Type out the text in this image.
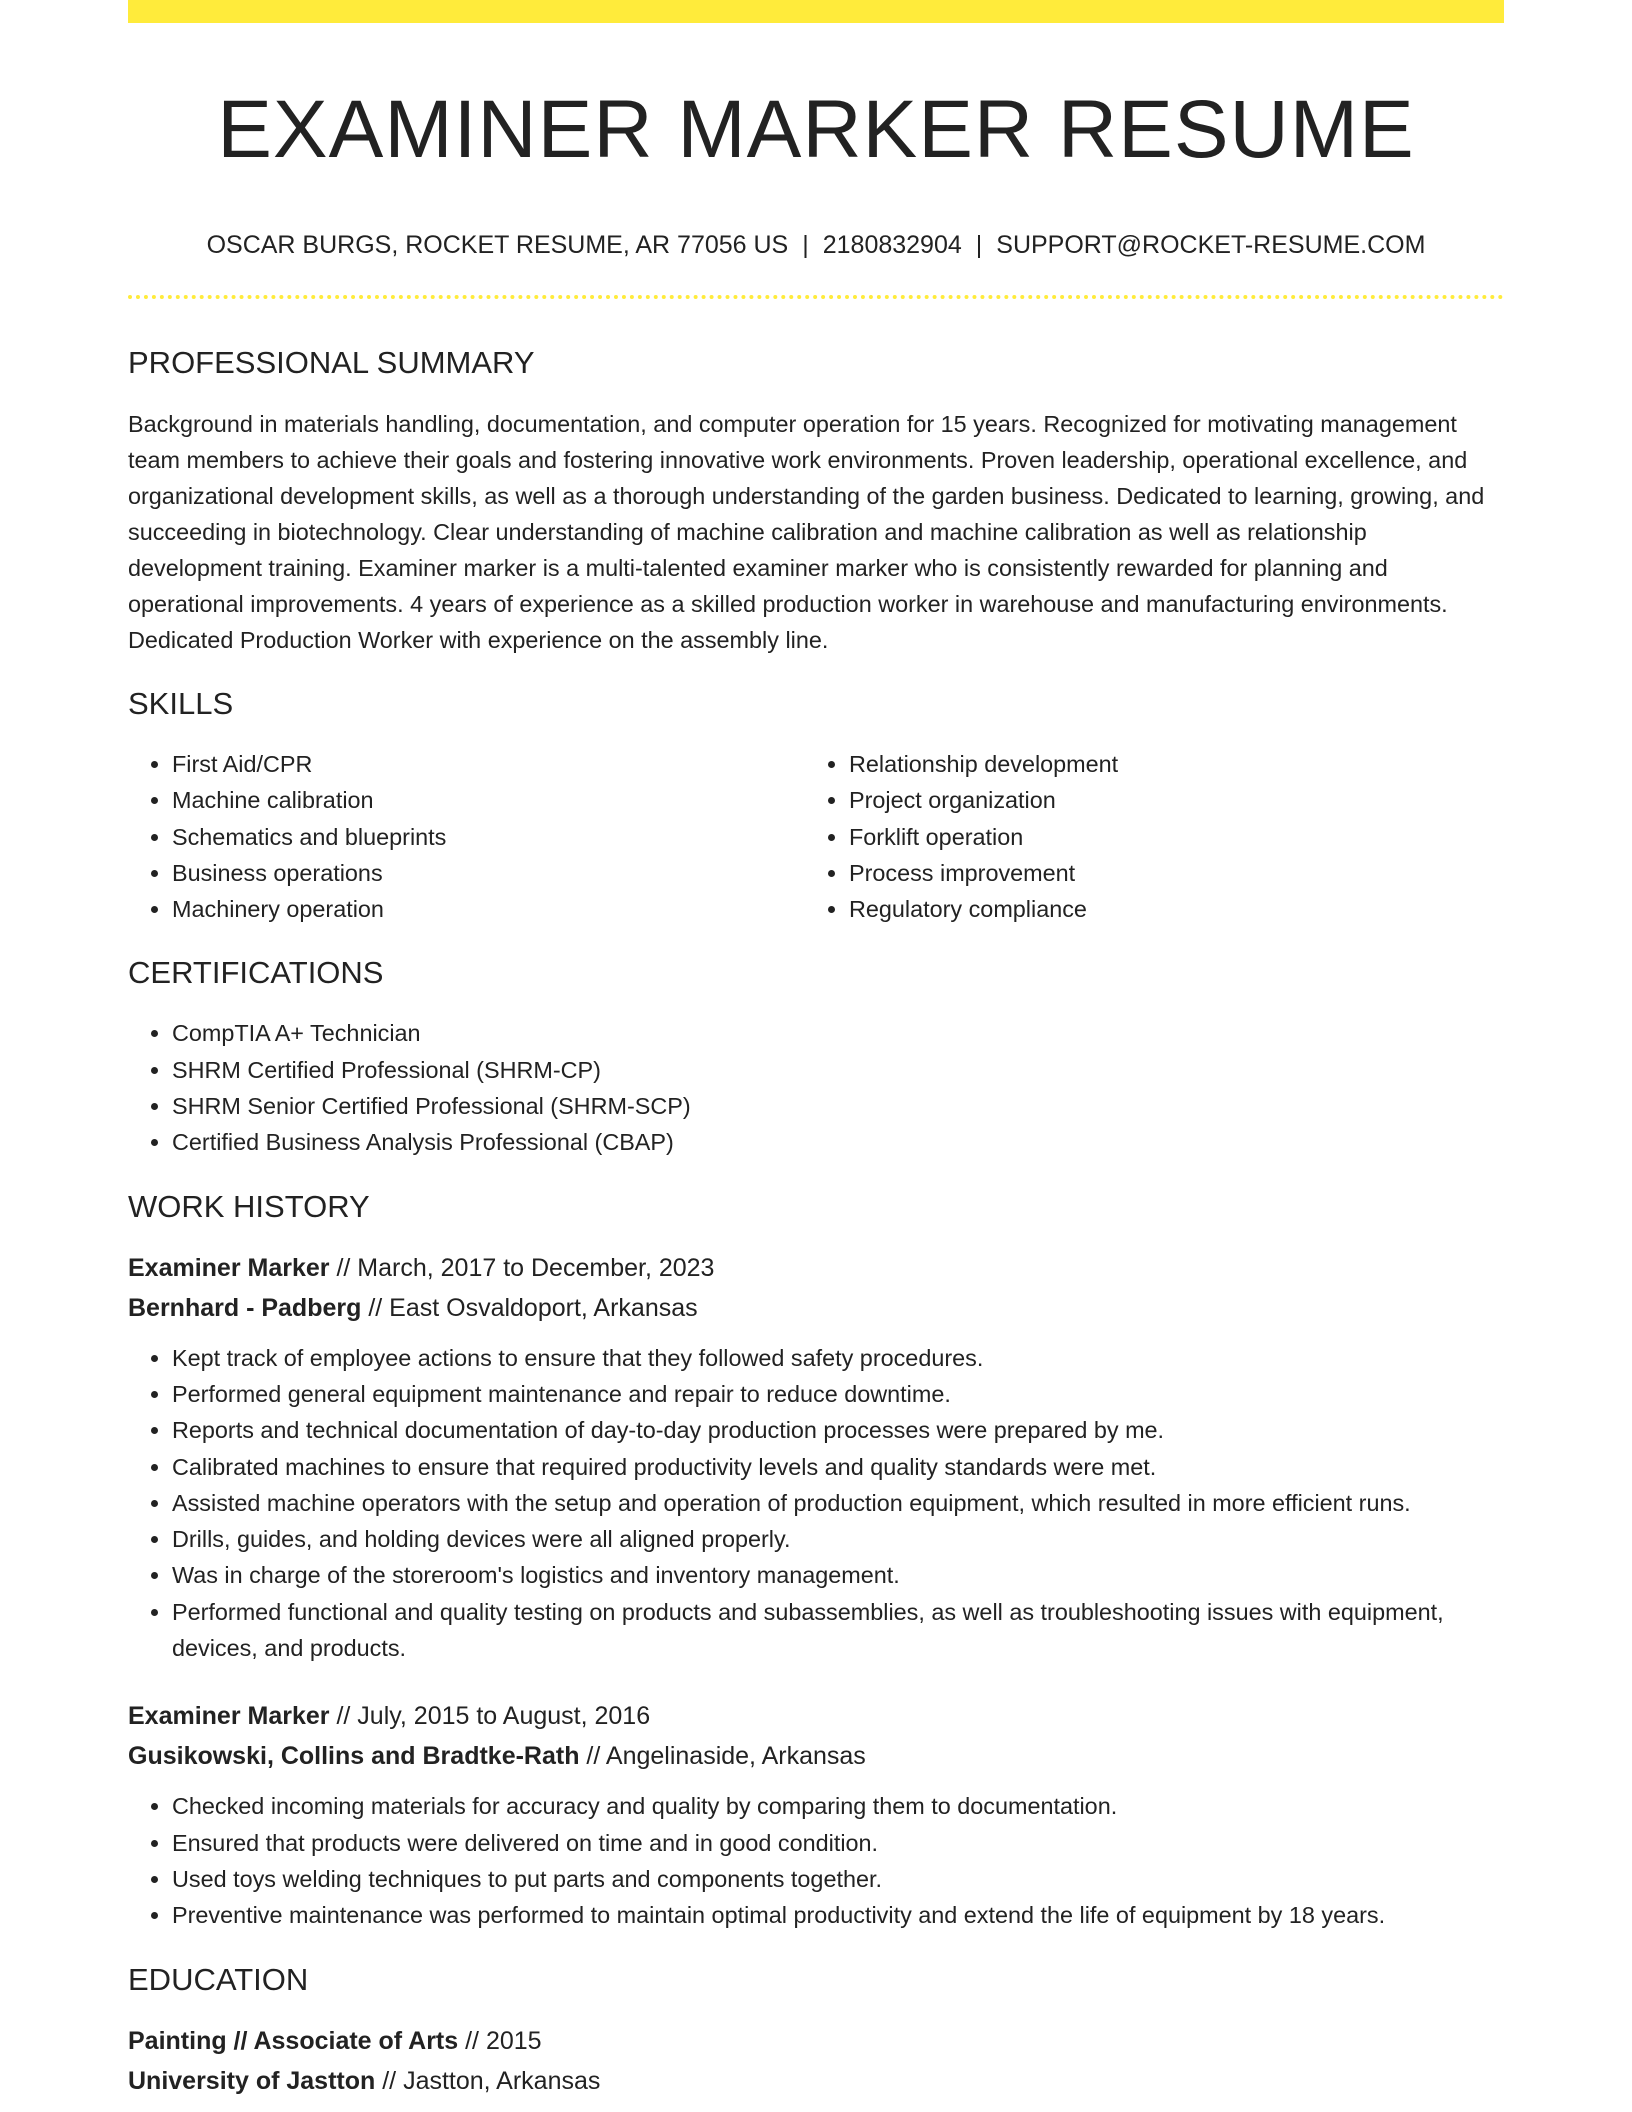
EXAMINER MARKER RESUME
OSCAR BURGS, ROCKET RESUME, AR 77056 US | 2180832904 | SUPPORT@ROCKET-RESUME.COM
PROFESSIONAL SUMMARY

Background in materials handling, documentation, and computer operation for 15 years. Recognized for motivating management team members to achieve their goals and fostering innovative work environments. Proven leadership, operational excellence, and organizational development skills, as well as a thorough understanding of the garden business. Dedicated to learning, growing, and succeeding in biotechnology. Clear understanding of machine calibration and machine calibration as well as relationship development training. Examiner marker is a multi-talented examiner marker who is consistently rewarded for planning and operational improvements. 4 years of experience as a skilled production worker in warehouse and manufacturing environments. Dedicated Production Worker with experience on the assembly line.

SKILLS
• First Aid/CPR
• Machine calibration
• Schematics and blueprints
• Business operations
• Machinery operation
• Relationship development
• Project organization
• Forklift operation
• Process improvement
• Regulatory compliance
CERTIFICATIONS
• CompTIA A+ Technician
• SHRM Certified Professional (SHRM-CP)
• SHRM Senior Certified Professional (SHRM-SCP)
• Certified Business Analysis Professional (CBAP)
WORK HISTORY
Examiner Marker // March, 2017 to December, 2023
Bernhard - Padberg // East Osvaldoport, Arkansas
• Kept track of employee actions to ensure that they followed safety procedures.
• Performed general equipment maintenance and repair to reduce downtime.
• Reports and technical documentation of day-to-day production processes were prepared by me.
• Calibrated machines to ensure that required productivity levels and quality standards were met.
• Assisted machine operators with the setup and operation of production equipment, which resulted in more efficient runs.
• Drills, guides, and holding devices were all aligned properly.
• Was in charge of the storeroom's logistics and inventory management.
• Performed functional and quality testing on products and subassemblies, as well as troubleshooting issues with equipment, devices, and products.
Examiner Marker // July, 2015 to August, 2016
Gusikowski, Collins and Bradtke-Rath // Angelinaside, Arkansas
• Checked incoming materials for accuracy and quality by comparing them to documentation.
• Ensured that products were delivered on time and in good condition.
• Used toys welding techniques to put parts and components together.
• Preventive maintenance was performed to maintain optimal productivity and extend the life of equipment by 18 years.
EDUCATION
Painting // Associate of Arts // 2015
University of Jastton // Jastton, Arkansas
